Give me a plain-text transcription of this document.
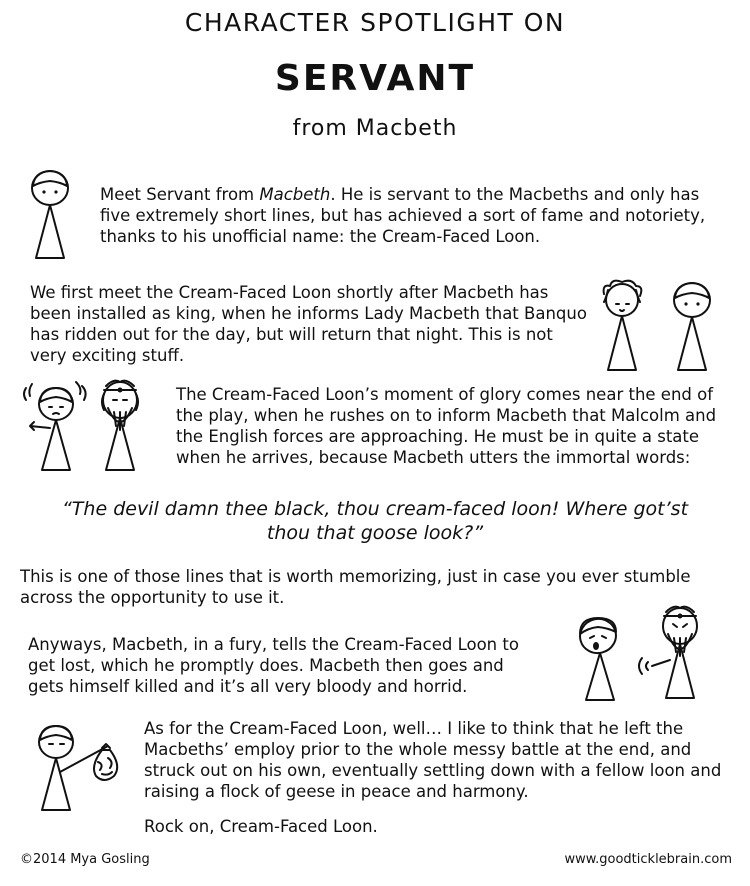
CHARACTER SPOTLIGHT ON
SERVANT
from Macbeth
Meet Servant from Macbeth. He is servant to the Macbeths and only has five extremely short lines, but has achieved a sort of fame and notoriety, thanks to his unofficial name: the Cream-Faced Loon.
We first meet the Cream-Faced Loon shortly after Macbeth has been installed as king, when he informs Lady Macbeth that Banquo has ridden out for the day, but will return that night. This is not very exciting stuff.
The Cream-Faced Loon’s moment of glory comes near the end of the play, when he rushes on to inform Macbeth that Malcolm and the English forces are approaching. He must be in quite a state when he arrives, because Macbeth utters the immortal words:
“The devil damn thee black, thou cream-faced loon! Where got’st thou that goose look?”
This is one of those lines that is worth memorizing, just in case you ever stumble across the opportunity to use it.
Anyways, Macbeth, in a fury, tells the Cream-Faced Loon to get lost, which he promptly does. Macbeth then goes and gets himself killed and it’s all very bloody and horrid.
As for the Cream-Faced Loon, well… I like to think that he left the Macbeths’ employ prior to the whole messy battle at the end, and struck out on his own, eventually settling down with a fellow loon and raising a flock of geese in peace and harmony.
Rock on, Cream-Faced Loon.
©2014 Mya Gosling	www.goodticklebrain.com
